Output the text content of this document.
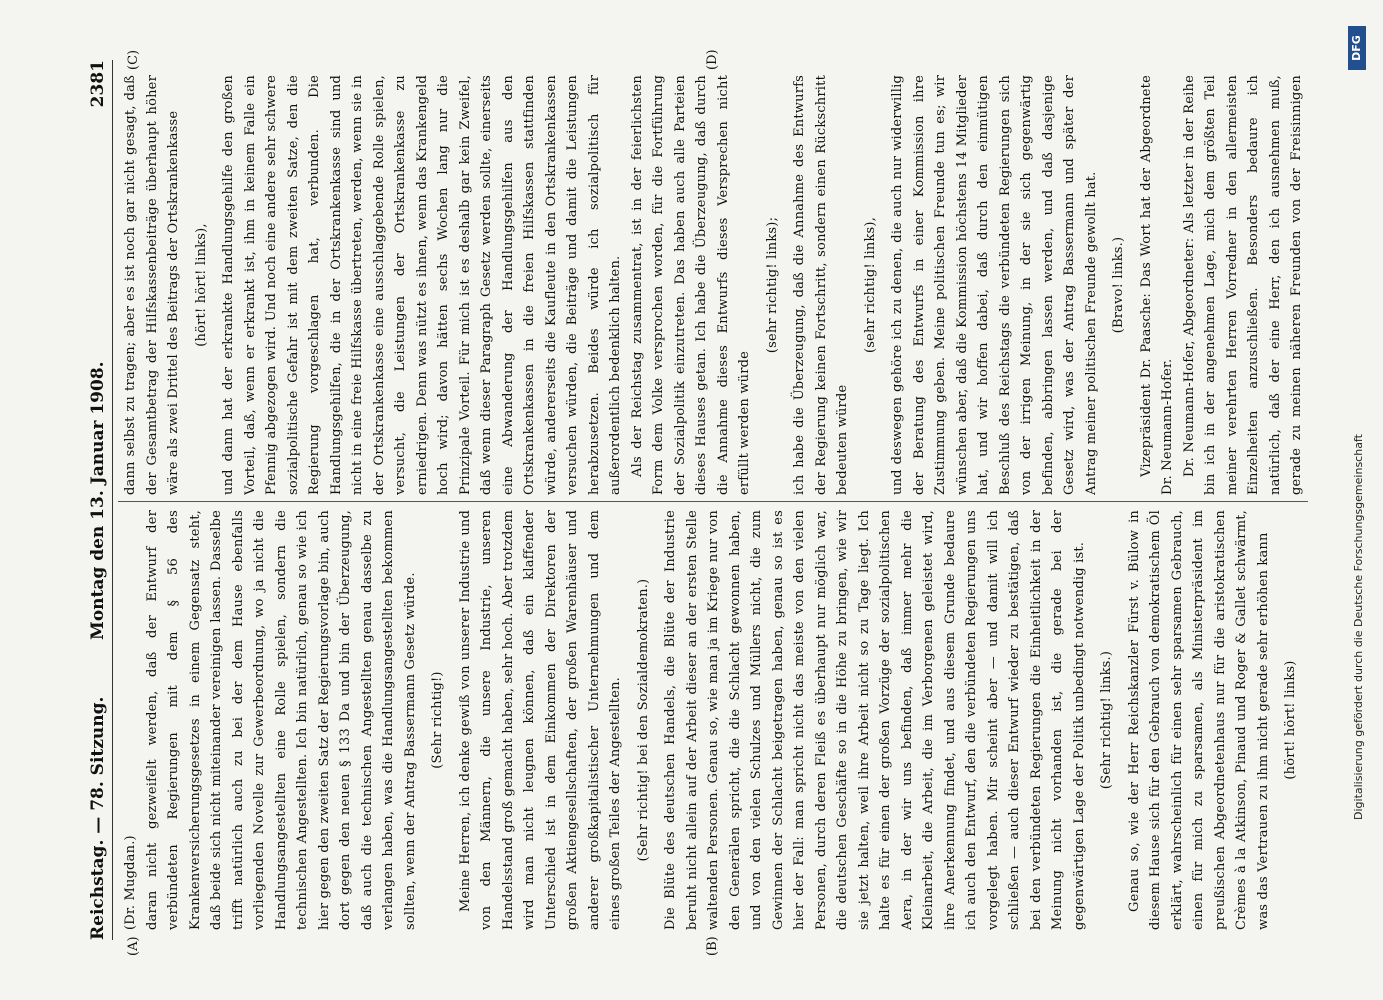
Reichstag. — 78. Sitzung.
Montag den 13. Januar 1908.
2381
(A)	(B)
(C)	(D)

(Dr. Mugdan.) daran nicht gezweifelt werden, daß der Entwurf der verbündeten Regierungen mit dem § 56 des Krankenversicherungsgesetzes in einem Gegensatz steht, daß beide sich nicht miteinander vereinigen lassen. Dasselbe trifft natürlich auch zu bei der dem Hause ebenfalls vorliegenden Novelle zur Gewerbeordnung, wo ja nicht die Handlungsangestellten eine Rolle spielen, sondern die technischen Angestellten. Ich bin natürlich, genau so wie ich hier gegen den zweiten Satz der Regierungsvorlage bin, auch dort gegen den neuen § 133 Da und bin der Überzeugung, daß auch die technischen Angestellten genau dasselbe zu verlangen haben, was die Handlungsangestellten bekommen sollten, wenn der Antrag Bassermann Gesetz würde. (Sehr richtig!) Meine Herren, ich denke gewiß von unserer Industrie und von den Männern, die unsere Industrie, unseren Handelsstand groß gemacht haben, sehr hoch. Aber trotzdem wird man nicht leugnen können, daß ein klaffender Unterschied ist in dem Einkommen der Direktoren der großen Aktiengesellschaften, der großen Warenhäuser und anderer großkapitalistischer Unternehmungen und dem eines großen Teiles der Angestellten. (Sehr richtig! bei den Sozialdemokraten.) Die Blüte des deutschen Handels, die Blüte der Industrie beruht nicht allein auf der Arbeit dieser an der ersten Stelle waltenden Personen. Genau so, wie man ja im Kriege nur von den Generälen spricht, die die Schlacht gewonnen haben, und von den vielen Schulzes und Müllers nicht, die zum Gewinnen der Schlacht beigetragen haben, genau so ist es hier der Fall: man spricht nicht das meiste von den vielen Personen, durch deren Fleiß es überhaupt nur möglich war, die deutschen Geschäfte so in die Höhe zu bringen, wie wir sie jetzt halten, weil ihre Arbeit nicht so zu Tage liegt. Ich halte es für einen der großen Vorzüge der sozialpolitischen Aera, in der wir uns befinden, daß immer mehr die Kleinarbeit, die Arbeit, die im Verborgenen geleistet wird, ihre Anerkennung findet, und aus diesem Grunde bedaure ich auch den Entwurf, den die verbündeten Regierungen uns vorgelegt haben. Mir scheint aber — und damit will ich schließen — auch dieser Entwurf wieder zu bestätigen, daß bei den verbündeten Regierungen die Einheitlichkeit in der Meinung nicht vorhanden ist, die gerade bei der gegenwärtigen Lage der Politik unbedingt notwendig ist. (Sehr richtig! links.) Genau so, wie der Herr Reichskanzler Fürst v. Bülow in diesem Hause sich für den Gebrauch von demokratischem Öl erklärt, wahrscheinlich für einen sehr sparsamen Gebrauch, einen für mich zu sparsamen, als Ministerpräsident im preußischen Abgeordnetenhaus nur für die aristokratischen Crèmes à la Atkinson, Pinaud und Roger & Gallet schwärmt, was das Vertrauen zu ihm nicht gerade sehr erhöhen kann (hört! hört! links)

dann selbst zu tragen; aber es ist noch gar nicht gesagt, daß der Gesamtbetrag der Hilfskassenbeiträge überhaupt höher wäre als zwei Drittel des Beitrags der Ortskrankenkasse (hört! hört! links), und dann hat der erkrankte Handlungsgehilfe den großen Vorteil, daß, wenn er erkrankt ist, ihm in keinem Falle ein Pfennig abgezogen wird. Und noch eine andere sehr schwere sozialpolitische Gefahr ist mit dem zweiten Satze, den die Regierung vorgeschlagen hat, verbunden. Die Handlungsgehilfen, die in der Ortskrankenkasse sind und nicht in eine freie Hilfskasse übertreten, werden, wenn sie in der Ortskrankenkasse eine ausschlaggebende Rolle spielen, versucht, die Leistungen der Ortskrankenkasse zu erniedrigen. Denn was nützt es ihnen, wenn das Krankengeld hoch wird; davon hätten sechs Wochen lang nur die Prinzipale Vorteil. Für mich ist es deshalb gar kein Zweifel, daß wenn dieser Paragraph Gesetz werden sollte, einerseits eine Abwanderung der Handlungsgehilfen aus den Ortskrankenkassen in die freien Hilfskassen stattfinden würde, andererseits die Kaufleute in den Ortskrankenkassen versuchen würden, die Beiträge und damit die Leistungen herabzusetzen. Beides würde ich sozialpolitisch für außerordentlich bedenklich halten. Als der Reichstag zusammentrat, ist in der feierlichsten Form dem Volke versprochen worden, für die Fortführung der Sozialpolitik einzutreten. Das haben auch alle Parteien dieses Hauses getan. Ich habe die Überzeugung, daß durch die Annahme dieses Entwurfs dieses Versprechen nicht erfüllt werden würde

(sehr richtig! links); ich habe die Überzeugung, daß die Annahme des Entwurfs der Regierung keinen Fortschritt, sondern einen Rückschritt bedeuten würde

(sehr richtig! links), und deswegen gehöre ich zu denen, die auch nur widerwillig der Beratung des Entwurfs in einer Kommission ihre Zustimmung geben. Meine politischen Freunde tun es; wir wünschen aber, daß die Kommission höchstens 14 Mitglieder hat, und wir hoffen dabei, daß durch den einmütigen Beschluß des Reichstags die verbündeten Regierungen sich von der irrigen Meinung, in der sie sich gegenwärtig befinden, abbringen lassen werden, und daß dasjenige Gesetz wird, was der Antrag Bassermann und später der Antrag meiner politischen Freunde gewollt hat. (Bravo! links.) Vizepräsident Dr. Paasche: Das Wort hat der Abgeordnete Dr. Neumann-Hofer. Dr. Neumann-Hofer, Abgeordneter: Als letzter in der Reihe bin ich in der angenehmen Lage, mich dem größten Teil meiner verehrten Herren Vorredner in den allermeisten Einzelheiten anzuschließen. Besonders bedaure ich natürlich, daß der eine Herr, den ich ausnehmen muß, gerade zu meinen näheren Freunden von der Freisinnigen

Digitalisierung gefördert durch die Deutsche Forschungsgemeinschaft
DFG
